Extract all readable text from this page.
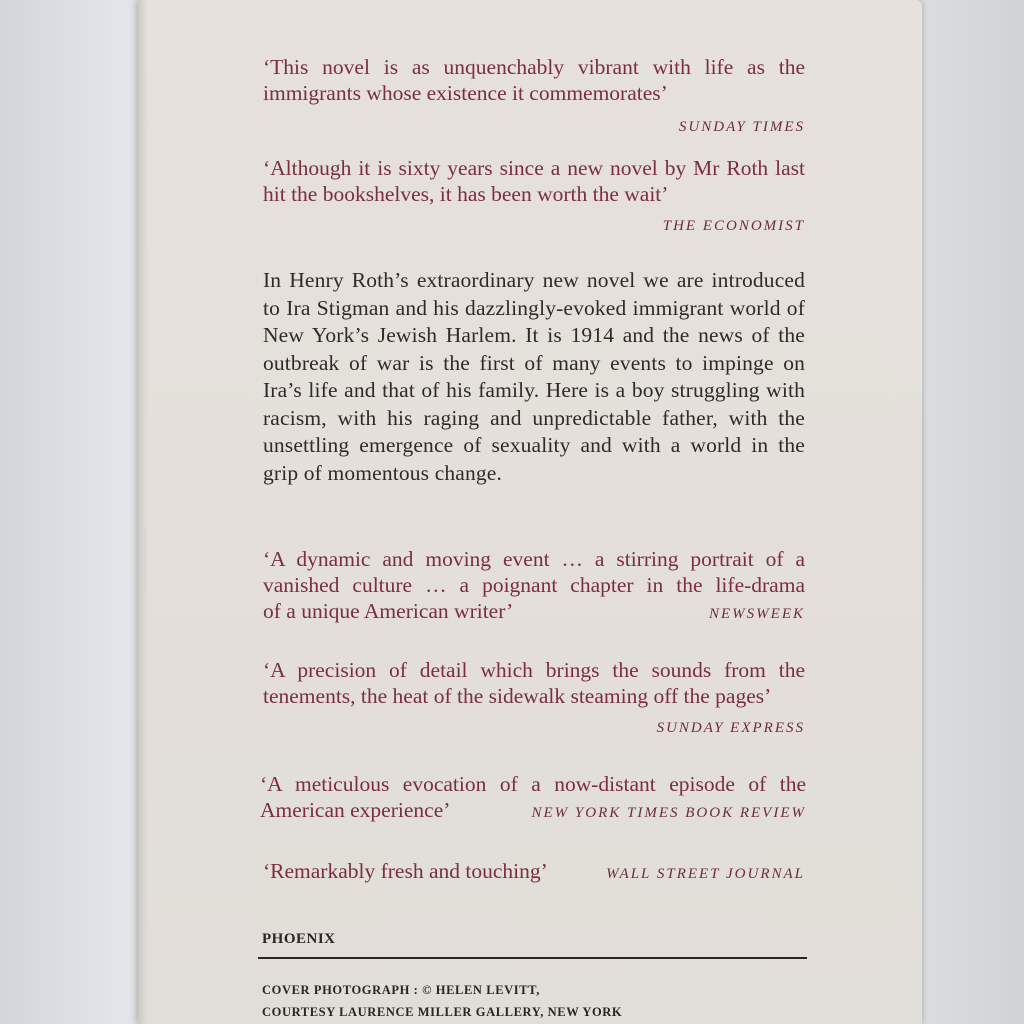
‘This novel is as unquenchably vibrant with life as the immigrants whose existence it commemorates’
SUNDAY TIMES
‘Although it is sixty years since a new novel by Mr Roth last hit the bookshelves, it has been worth the wait’
THE ECONOMIST
In Henry Roth’s extraordinary new novel we are introduced to Ira Stigman and his dazzlingly-evoked immigrant world of New York’s Jewish Harlem. It is 1914 and the news of the outbreak of war is the first of many events to impinge on Ira’s life and that of his family. Here is a boy struggling with racism, with his raging and unpredictable father, with the unsettling emergence of sexuality and with a world in the grip of momentous change.
‘A dynamic and moving event … a stirring portrait of a
vanished culture … a poignant chapter in the life-drama
of a unique American writer’	NEWSWEEK
‘A precision of detail which brings the sounds from the tenements, the heat of the sidewalk steaming off the pages’
SUNDAY EXPRESS
‘A meticulous evocation of a now-distant episode of the
American experience’	NEW YORK TIMES BOOK REVIEW
‘Remarkably fresh and touching’	WALL STREET JOURNAL
PHOENIX
COVER PHOTOGRAPH : © HELEN LEVITT,
COURTESY LAURENCE MILLER GALLERY, NEW YORK
